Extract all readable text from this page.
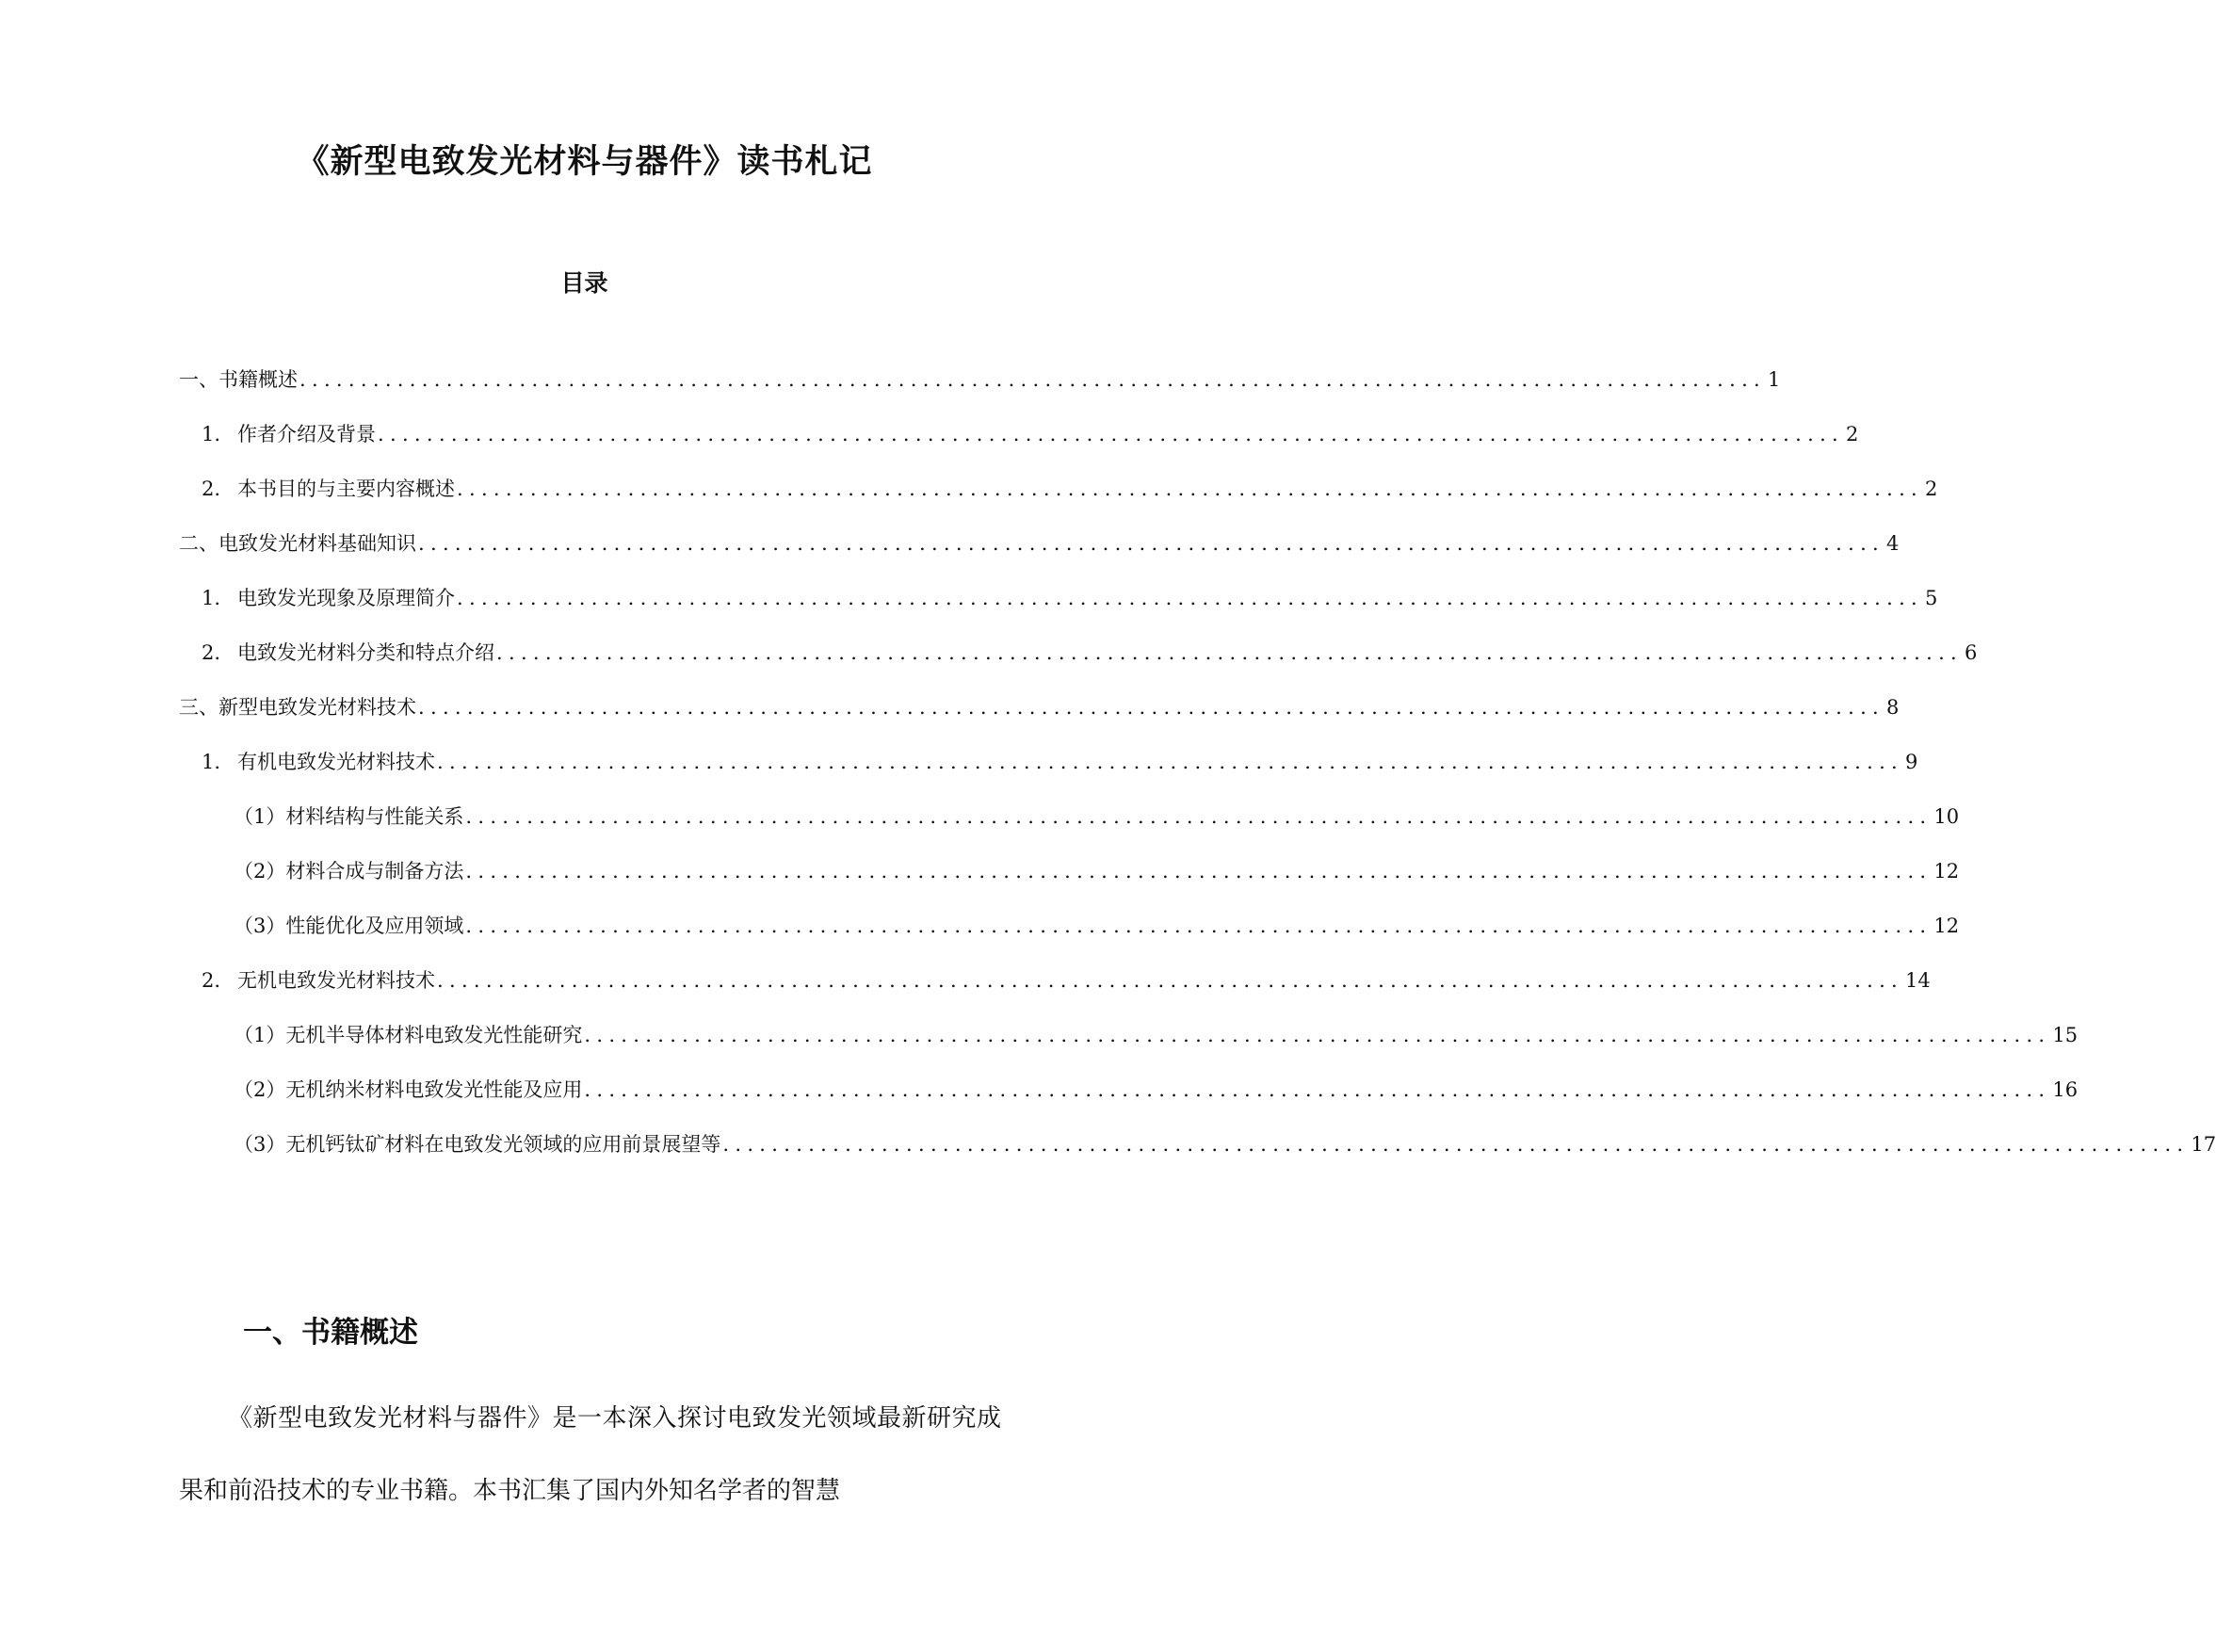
《新型电致发光材料与器件》读书札记
目录
一、 书籍概述 ........................................................................................................................ 1
1. 作者介绍及背景 ........................................................................................................................ 2
2. 本书目的与主要内容概述 ........................................................................................................................ 2
二、 电致发光材料基础知识 ........................................................................................................................ 4
1. 电致发光现象及原理简介 ........................................................................................................................ 5
2. 电致发光材料分类和特点介绍 ........................................................................................................................ 6
三、 新型电致发光材料技术 ........................................................................................................................ 8
1. 有机电致发光材料技术 ........................................................................................................................ 9
（1） 材料结构与性能关系 ........................................................................................................................ 10
（2） 材料合成与制备方法 ........................................................................................................................ 12
（3） 性能优化及应用领域 ........................................................................................................................ 12
2. 无机电致发光材料技术 ........................................................................................................................ 14
（1） 无机半导体材料电致发光性能研究 ........................................................................................................................ 15
（2） 无机纳米材料电致发光性能及应用 ........................................................................................................................ 16
（3） 无机钙钛矿材料在电致发光领域的应用前景展望等 ........................................................................................................................ 17
一、书籍概述
《新型电致发光材料与器件》是一本深入探讨电致发光领域最新研究成果和前沿技术的专业书籍。本书汇集了国内外知名学者的智慧
